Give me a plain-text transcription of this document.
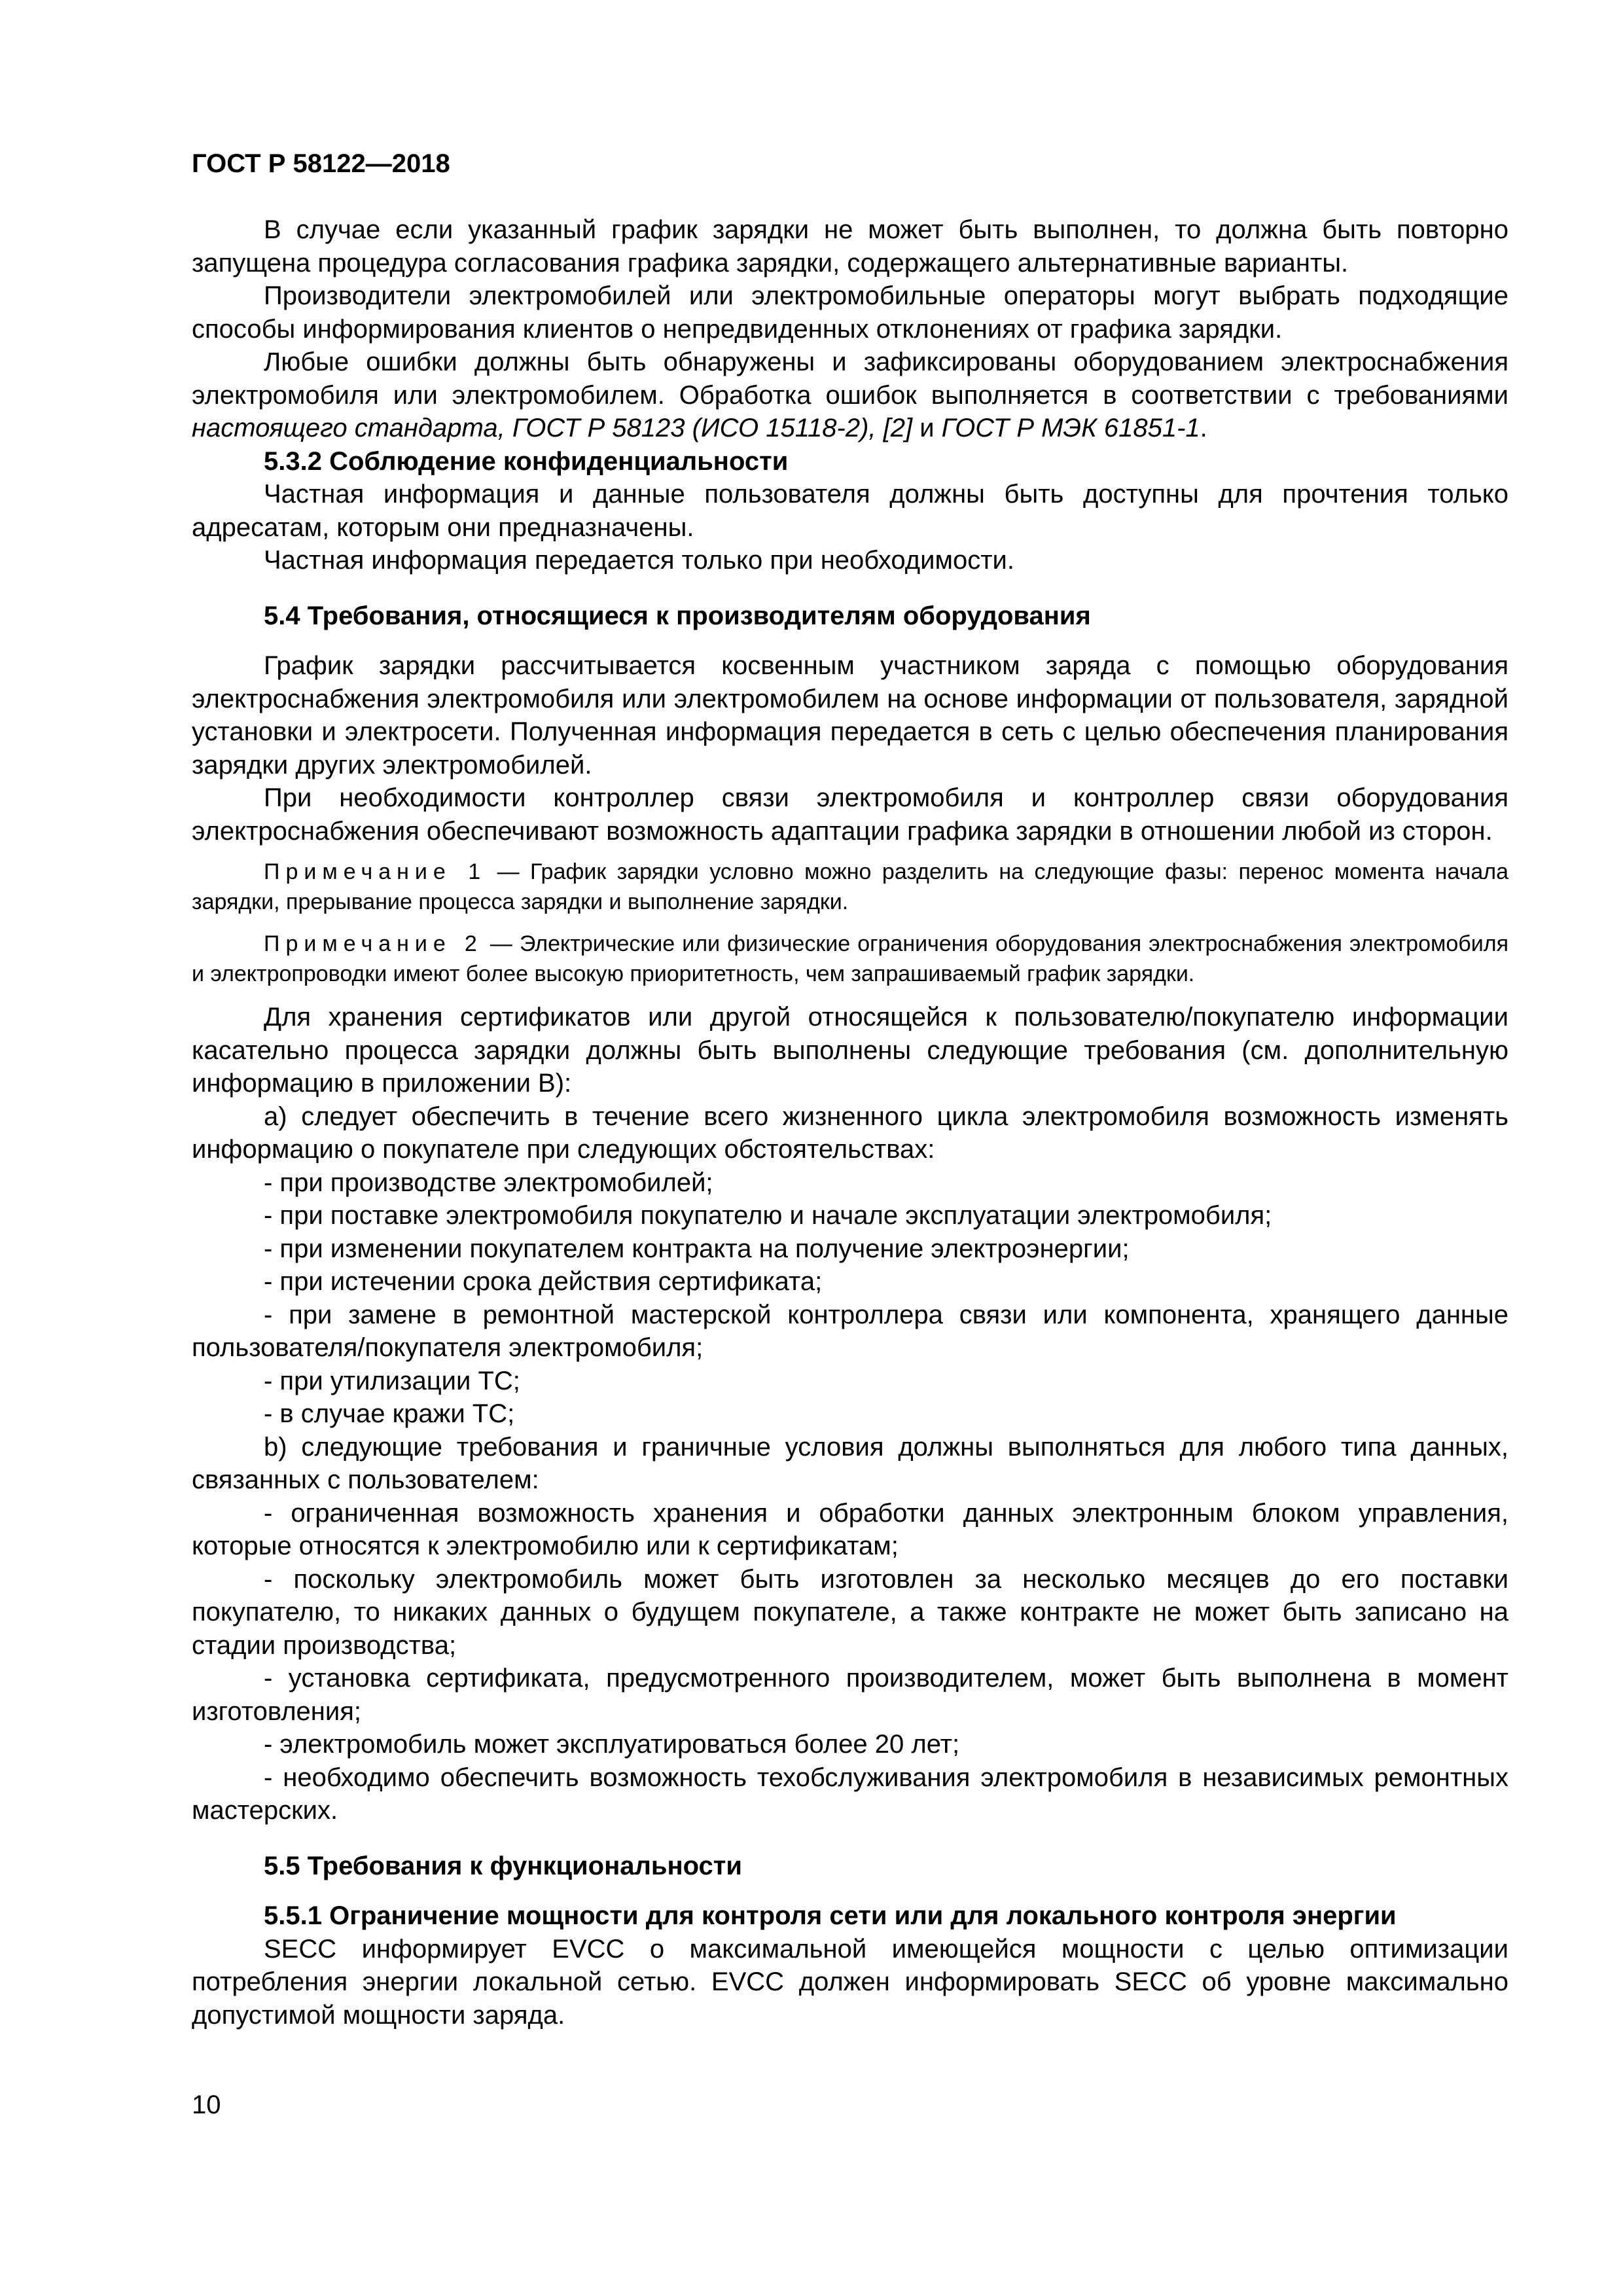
ГОСТ Р 58122—2018

В случае если указанный график зарядки не может быть выполнен, то должна быть повторно запущена процедура согласования графика зарядки, содержащего альтернативные варианты.

Производители электромобилей или электромобильные операторы могут выбрать подходящие способы информирования клиентов о непредвиденных отклонениях от графика зарядки.

Любые ошибки должны быть обнаружены и зафиксированы оборудованием электроснабжения электромобиля или электромобилем. Обработка ошибок выполняется в соответствии с требованиями настоящего стандарта, ГОСТ Р 58123 (ИСО 15118-2), [2] и ГОСТ Р МЭК 61851-1.

5.3.2 Соблюдение конфиденциальности

Частная информация и данные пользователя должны быть доступны для прочтения только адресатам, которым они предназначены.

Частная информация передается только при необходимости.

5.4 Требования, относящиеся к производителям оборудования

График зарядки рассчитывается косвенным участником заряда с помощью оборудования электроснабжения электромобиля или электромобилем на основе информации от пользователя, зарядной установки и электросети. Полученная информация передается в сеть с целью обеспечения планирования зарядки других электромобилей.

При необходимости контроллер связи электромобиля и контроллер связи оборудования электроснабжения обеспечивают возможность адаптации графика зарядки в отношении любой из сторон.

Примечание 1 — График зарядки условно можно разделить на следующие фазы: перенос момента начала зарядки, прерывание процесса зарядки и выполнение зарядки.

Примечание 2 — Электрические или физические ограничения оборудования электроснабжения электромобиля и электропроводки имеют более высокую приоритетность, чем запрашиваемый график зарядки.

Для хранения сертификатов или другой относящейся к пользователю/покупателю информации касательно процесса зарядки должны быть выполнены следующие требования (см. дополнительную информацию в приложении В):

а) следует обеспечить в течение всего жизненного цикла электромобиля возможность изменять информацию о покупателе при следующих обстоятельствах:

- при производстве электромобилей;

- при поставке электромобиля покупателю и начале эксплуатации электромобиля;

- при изменении покупателем контракта на получение электроэнергии;

- при истечении срока действия сертификата;

- при замене в ремонтной мастерской контроллера связи или компонента, хранящего данные пользователя/покупателя электромобиля;

- при утилизации ТС;

- в случае кражи ТС;

b) следующие требования и граничные условия должны выполняться для любого типа данных, связанных с пользователем:

- ограниченная возможность хранения и обработки данных электронным блоком управления, которые относятся к электромобилю или к сертификатам;

- поскольку электромобиль может быть изготовлен за несколько месяцев до его поставки покупателю, то никаких данных о будущем покупателе, а также контракте не может быть записано на стадии производства;

- установка сертификата, предусмотренного производителем, может быть выполнена в момент изготовления;

- электромобиль может эксплуатироваться более 20 лет;

- необходимо обеспечить возможность техобслуживания электромобиля в независимых ремонтных мастерских.

5.5 Требования к функциональности

5.5.1 Ограничение мощности для контроля сети или для локального контроля энергии

SECC информирует EVCC о максимальной имеющейся мощности с целью оптимизации потребления энергии локальной сетью. EVCC должен информировать SECC об уровне максимально допустимой мощности заряда.

10
